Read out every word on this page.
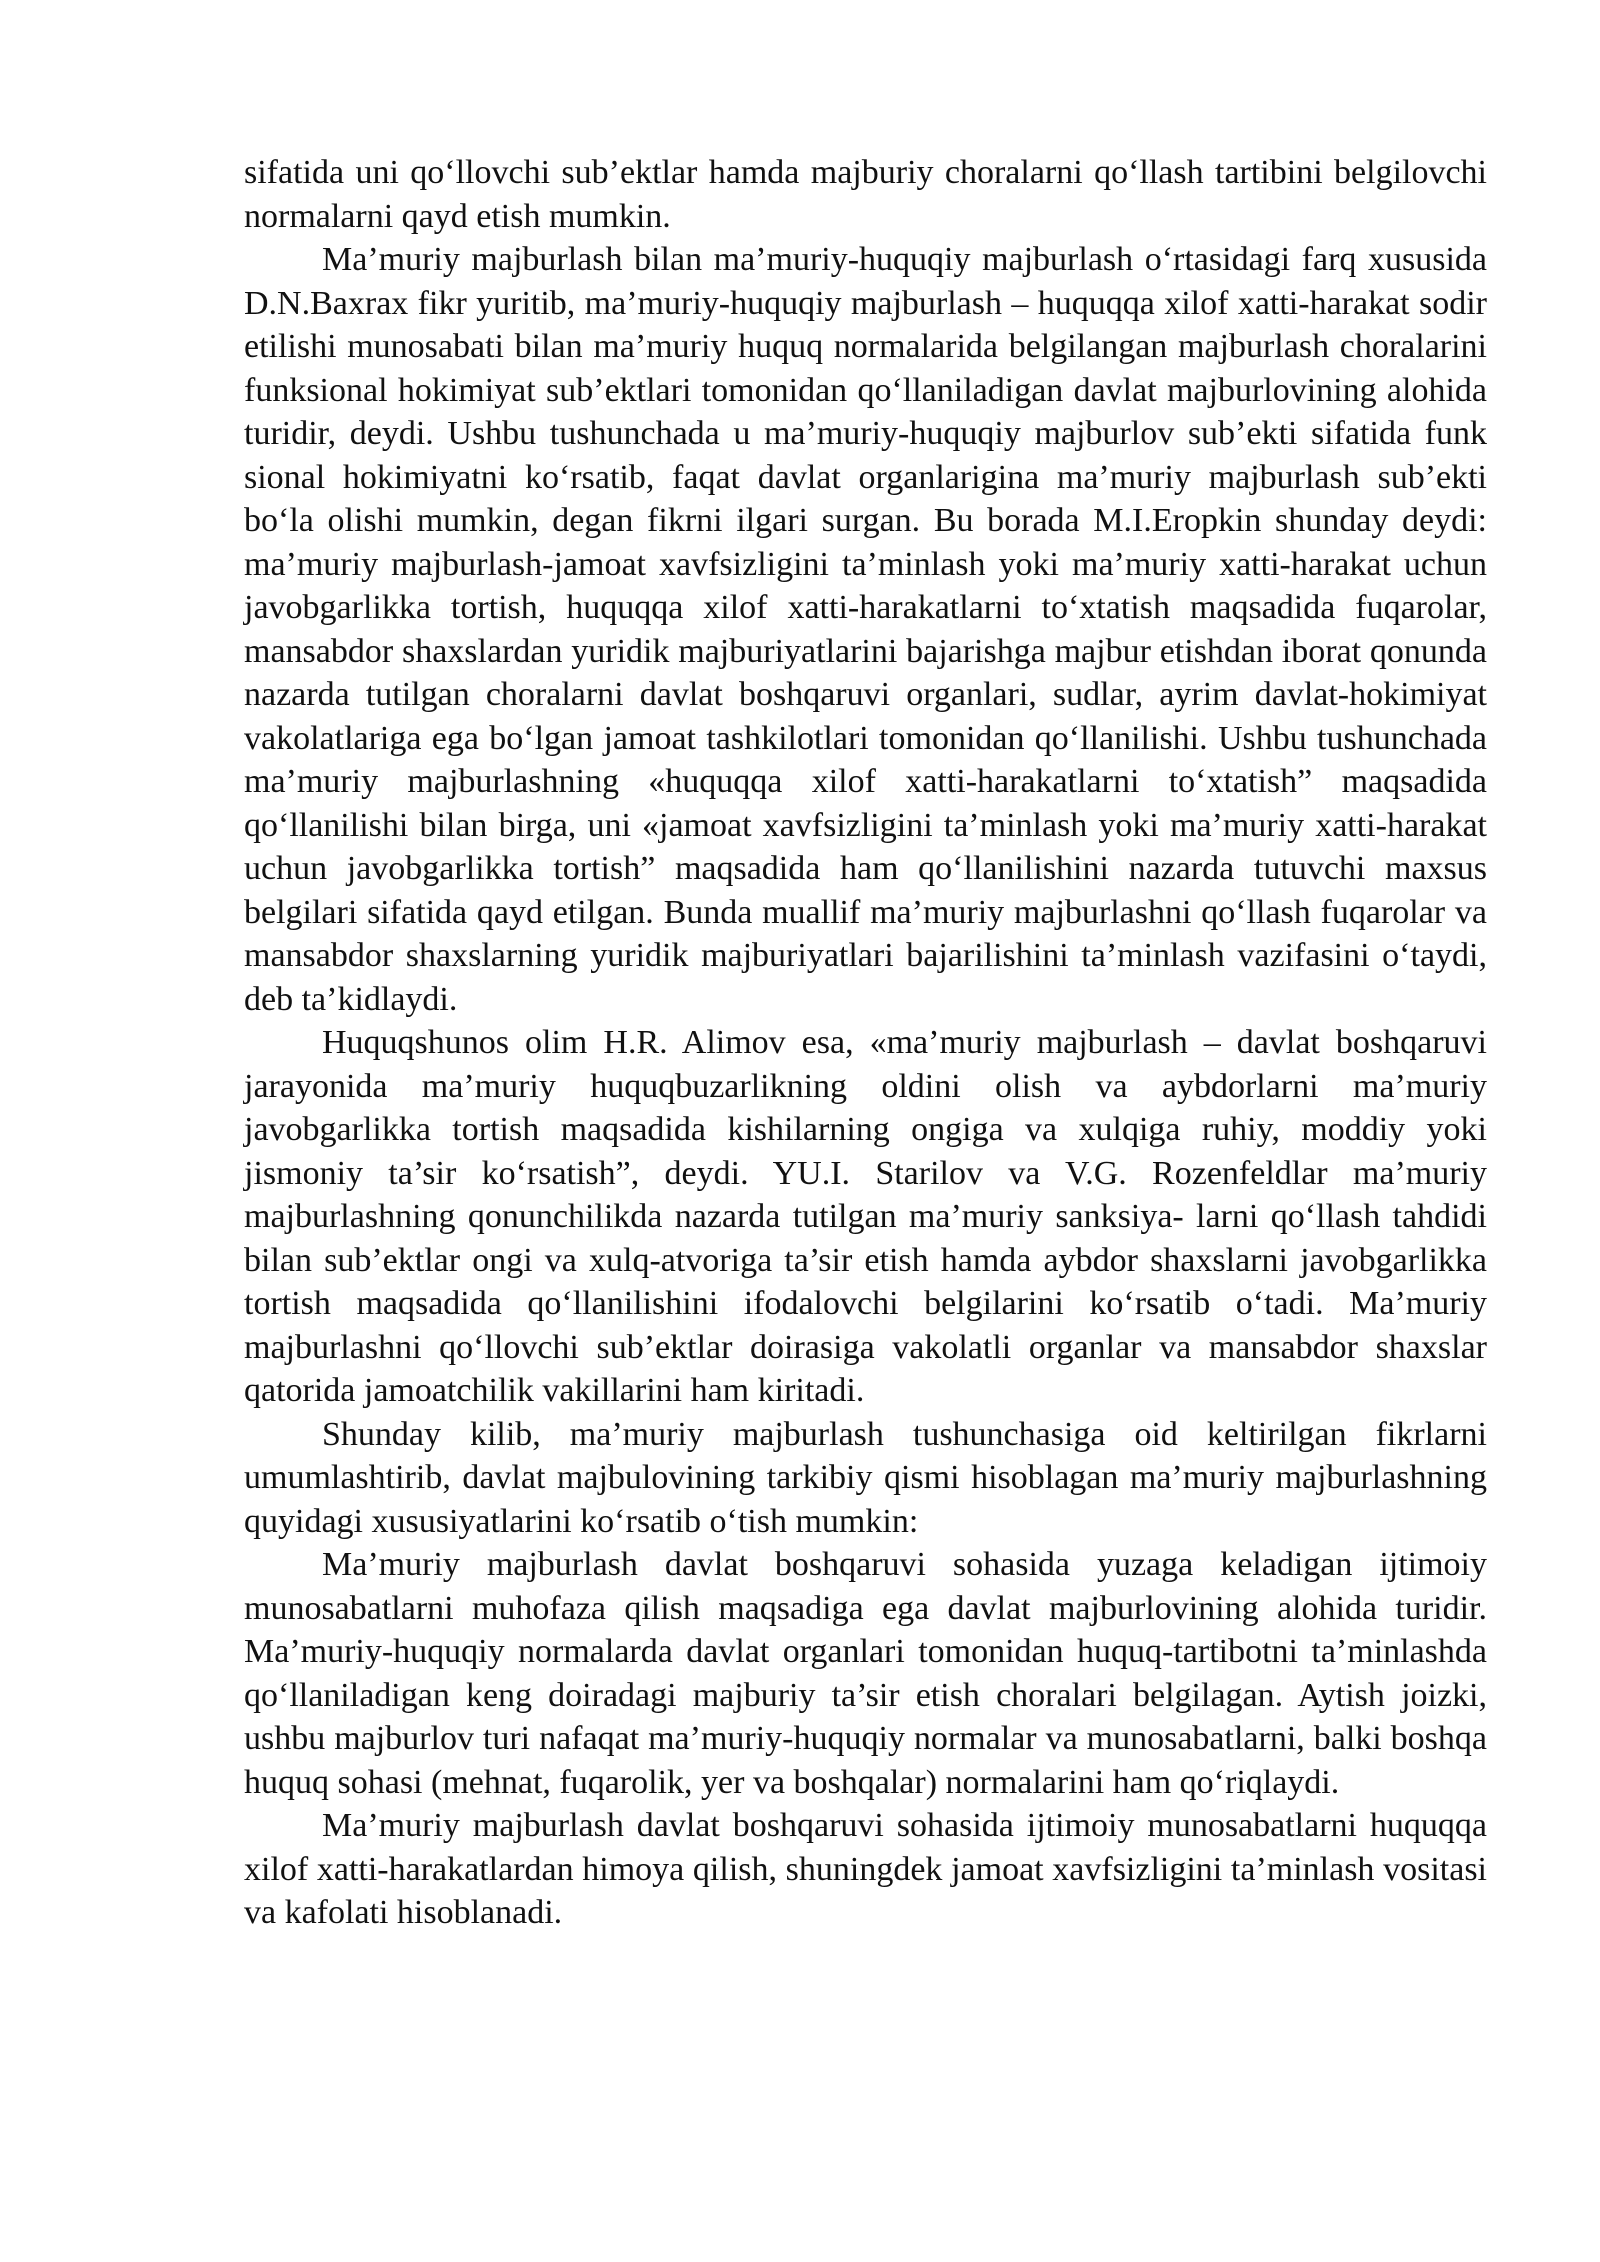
sifatida uni qo‘llovchi sub’ektlar hamda majburiy choralarni qo‘llash tartibini belgilovchi normalarni qayd etish mumkin.

Ma’muriy majburlash bilan ma’muriy-huquqiy majburlash o‘rtasidagi farq xususida D.N.Baxrax fikr yuritib, ma’muriy-huquqiy majburlash – huquqqa xilof xatti-harakat sodir etilishi munosabati bilan ma’muriy huquq normalarida belgilangan majburlash choralarini funksional hokimiyat sub’ektlari tomonidan qo‘llaniladigan davlat majburlovining alohida turidir, deydi. Ushbu tushunchada u ma’muriy-huquqiy majburlov sub’ekti sifatida funk sional hokimiyatni ko‘rsatib, faqat davlat organlarigina ma’muriy majburlash sub’ekti bo‘la olishi mumkin, degan fikrni ilgari surgan. Bu borada M.I.Eropkin shunday deydi: ma’muriy majburlash-jamoat xavfsizligini ta’minlash yoki ma’muriy xatti-harakat uchun javobgarlikka tortish, huquqqa xilof xatti-harakatlarni to‘xtatish maqsadida fuqarolar, mansabdor shaxslardan yuridik majburiyatlarini bajarishga majbur etishdan iborat qonunda nazarda tutilgan choralarni davlat boshqaruvi organlari, sudlar, ayrim davlat-hokimiyat vakolatlariga ega bo‘lgan jamoat tashkilotlari tomonidan qo‘llanilishi. Ushbu tushunchada ma’muriy majburlashning «huquqqa xilof xatti-harakatlarni to‘xtatish” maqsadida qo‘llanilishi bilan birga, uni «jamoat xavfsizligini ta’minlash yoki ma’muriy xatti-harakat uchun javobgarlikka tortish” maqsadida ham qo‘llanilishini nazarda tutuvchi maxsus belgilari sifatida qayd etilgan. Bunda muallif ma’muriy majburlashni qo‘llash fuqarolar va mansabdor shaxslarning yuridik majburiyatlari bajarilishini ta’minlash vazifasini o‘taydi, deb ta’kidlaydi.

Huquqshunos olim H.R. Alimov esa, «ma’muriy majburlash – davlat boshqaruvi jarayonida ma’muriy huquqbuzarlikning oldini olish va aybdorlarni ma’muriy javobgarlikka tortish maqsadida kishilarning ongiga va xulqiga ruhiy, moddiy yoki jismoniy ta’sir ko‘rsatish”, deydi. YU.I. Starilov va V.G. Rozenfeldlar ma’muriy majburlashning qonunchilikda nazarda tutilgan ma’muriy sanksiya- larni qo‘llash tahdidi bilan sub’ektlar ongi va xulq-atvoriga ta’sir etish hamda aybdor shaxslarni javobgarlikka tortish maqsadida qo‘llanilishini ifodalovchi belgilarini ko‘rsatib o‘tadi. Ma’muriy majburlashni qo‘llovchi sub’ektlar doirasiga vakolatli organlar va mansabdor shaxslar qatorida jamoatchilik vakillarini ham kiritadi.

Shunday kilib, ma’muriy majburlash tushunchasiga oid keltirilgan fikrlarni umumlashtirib, davlat majbulovining tarkibiy qismi hisoblagan ma’muriy majburlashning quyidagi xususiyatlarini ko‘rsatib o‘tish mumkin:

Ma’muriy majburlash davlat boshqaruvi sohasida yuzaga keladigan ijtimoiy munosabatlarni muhofaza qilish maqsadiga ega davlat majburlovining alohida turidir. Ma’muriy-huquqiy normalarda davlat organlari tomonidan huquq-tartibotni ta’minlashda qo‘llaniladigan keng doiradagi majburiy ta’sir etish choralari belgilagan. Aytish joizki, ushbu majburlov turi nafaqat ma’muriy-huquqiy normalar va munosabatlarni, balki boshqa huquq sohasi (mehnat, fuqarolik, yer va boshqalar) normalarini ham qo‘riqlaydi.

Ma’muriy majburlash davlat boshqaruvi sohasida ijtimoiy munosabatlarni huquqqa xilof xatti-harakatlardan himoya qilish, shuningdek jamoat xavfsizligini ta’minlash vositasi va kafolati hisoblanadi.
